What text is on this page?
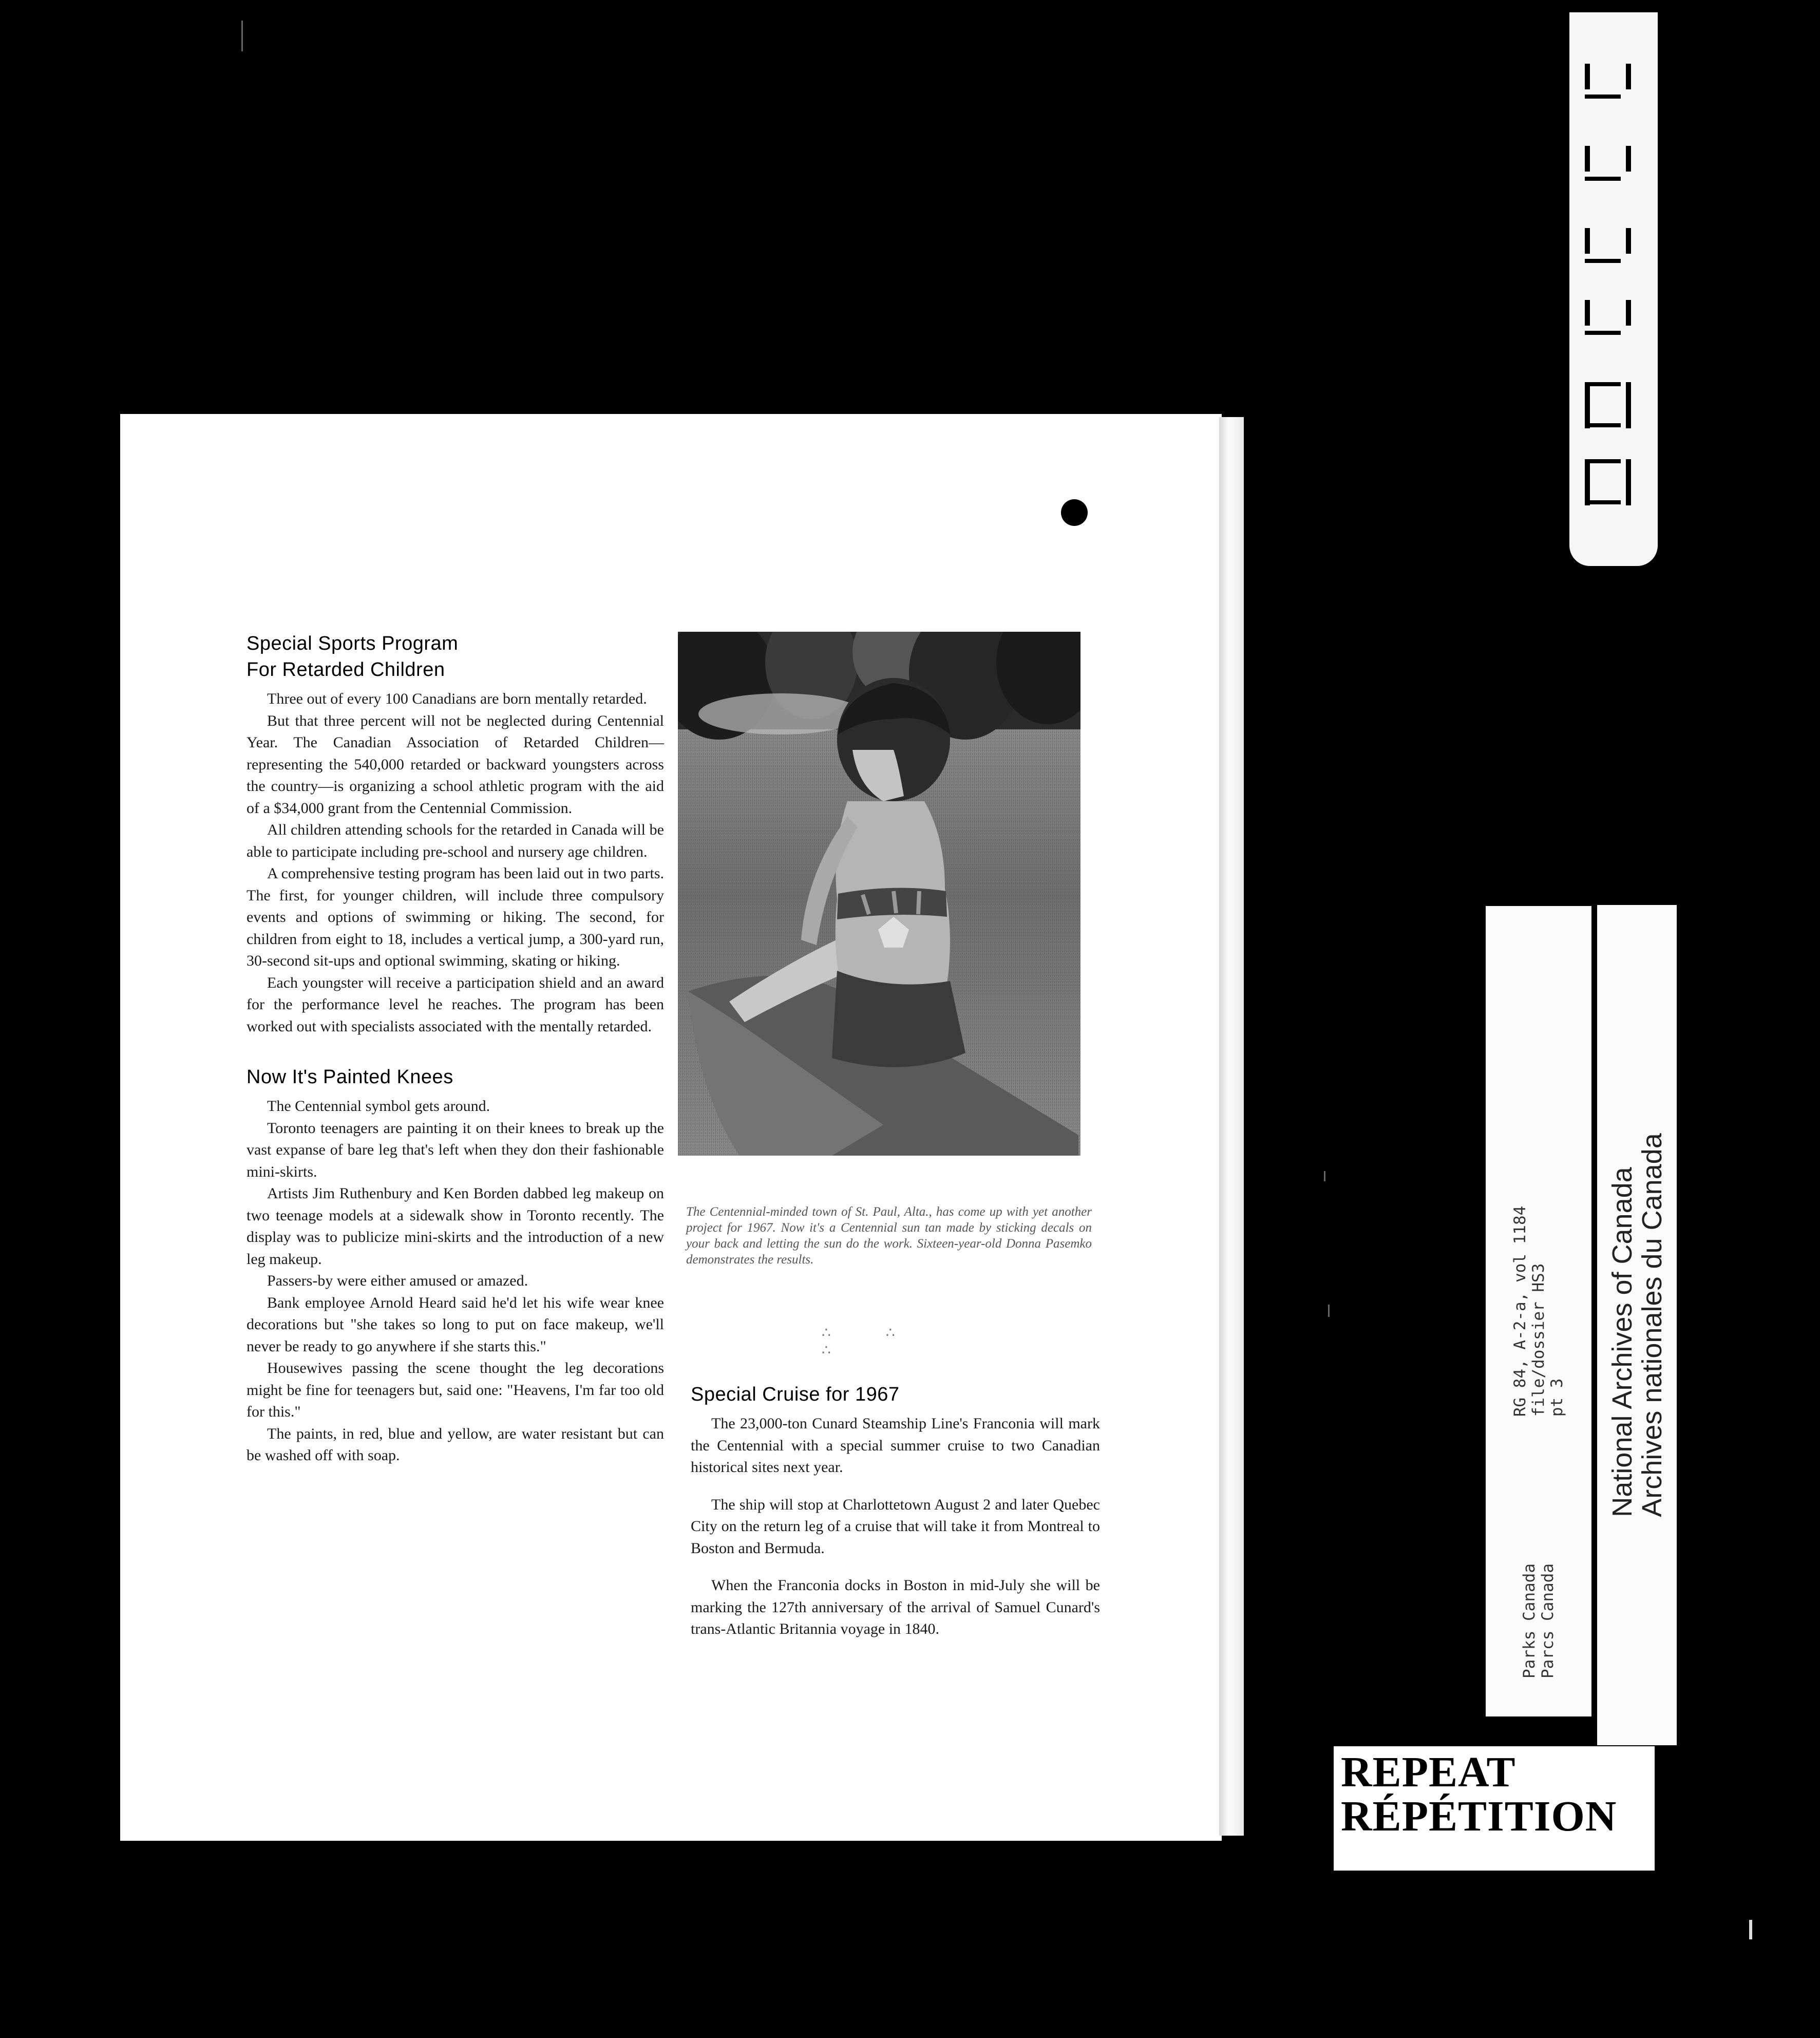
Special Sports Program
For Retarded Children

Three out of every 100 Canadians are born mentally retarded.

But that three percent will not be neglected during Centennial Year. The Canadian Association of Retarded Children—representing the 540,000 retarded or backward youngsters across the country—is organizing a school athletic program with the aid of a $34,000 grant from the Centennial Commission.

All children attending schools for the retarded in Canada will be able to participate including pre-school and nursery age children.

A comprehensive testing program has been laid out in two parts. The first, for younger children, will include three compulsory events and options of swimming or hiking. The second, for children from eight to 18, includes a vertical jump, a 300-yard run, 30-second sit-ups and optional swimming, skating or hiking.

Each youngster will receive a participation shield and an award for the performance level he reaches. The program has been worked out with specialists associated with the mentally retarded.

Now It's Painted Knees

The Centennial symbol gets around.

Toronto teenagers are painting it on their knees to break up the vast expanse of bare leg that's left when they don their fashionable mini-skirts.

Artists Jim Ruthenbury and Ken Borden dabbed leg makeup on two teenage models at a sidewalk show in Toronto recently. The display was to publicize mini-skirts and the introduction of a new leg makeup.

Passers-by were either amused or amazed.

Bank employee Arnold Heard said he'd let his wife wear knee decorations but "she takes so long to put on face makeup, we'll never be ready to go anywhere if she starts this."

Housewives passing the scene thought the leg decorations might be fine for teenagers but, said one: "Heavens, I'm far too old for this."

The paints, in red, blue and yellow, are water resistant but can be washed off with soap.

The Centennial-minded town of St. Paul, Alta., has come up with yet another project for 1967. Now it's a Centennial sun tan made by sticking decals on your back and letting the sun do the work. Sixteen-year-old Donna Pasemko demonstrates the results.

∴ ∴ ∴
Special Cruise for 1967

The 23,000-ton Cunard Steamship Line's Franconia will mark the Centennial with a special summer cruise to two Canadian historical sites next year.

The ship will stop at Charlottetown August 2 and later Quebec City on the return leg of a cruise that will take it from Montreal to Boston and Bermuda.

When the Franconia docks in Boston in mid-July she will be marking the 127th anniversary of the arrival of Samuel Cunard's trans-Atlantic Britannia voyage in 1840.

RG 84, A-2-a, vol 1184 file/dossier HS3 pt 3
Parks Canada Parcs Canada
National Archives of Canada
Archives nationales du Canada
REPEAT
RÉPÉTITION
